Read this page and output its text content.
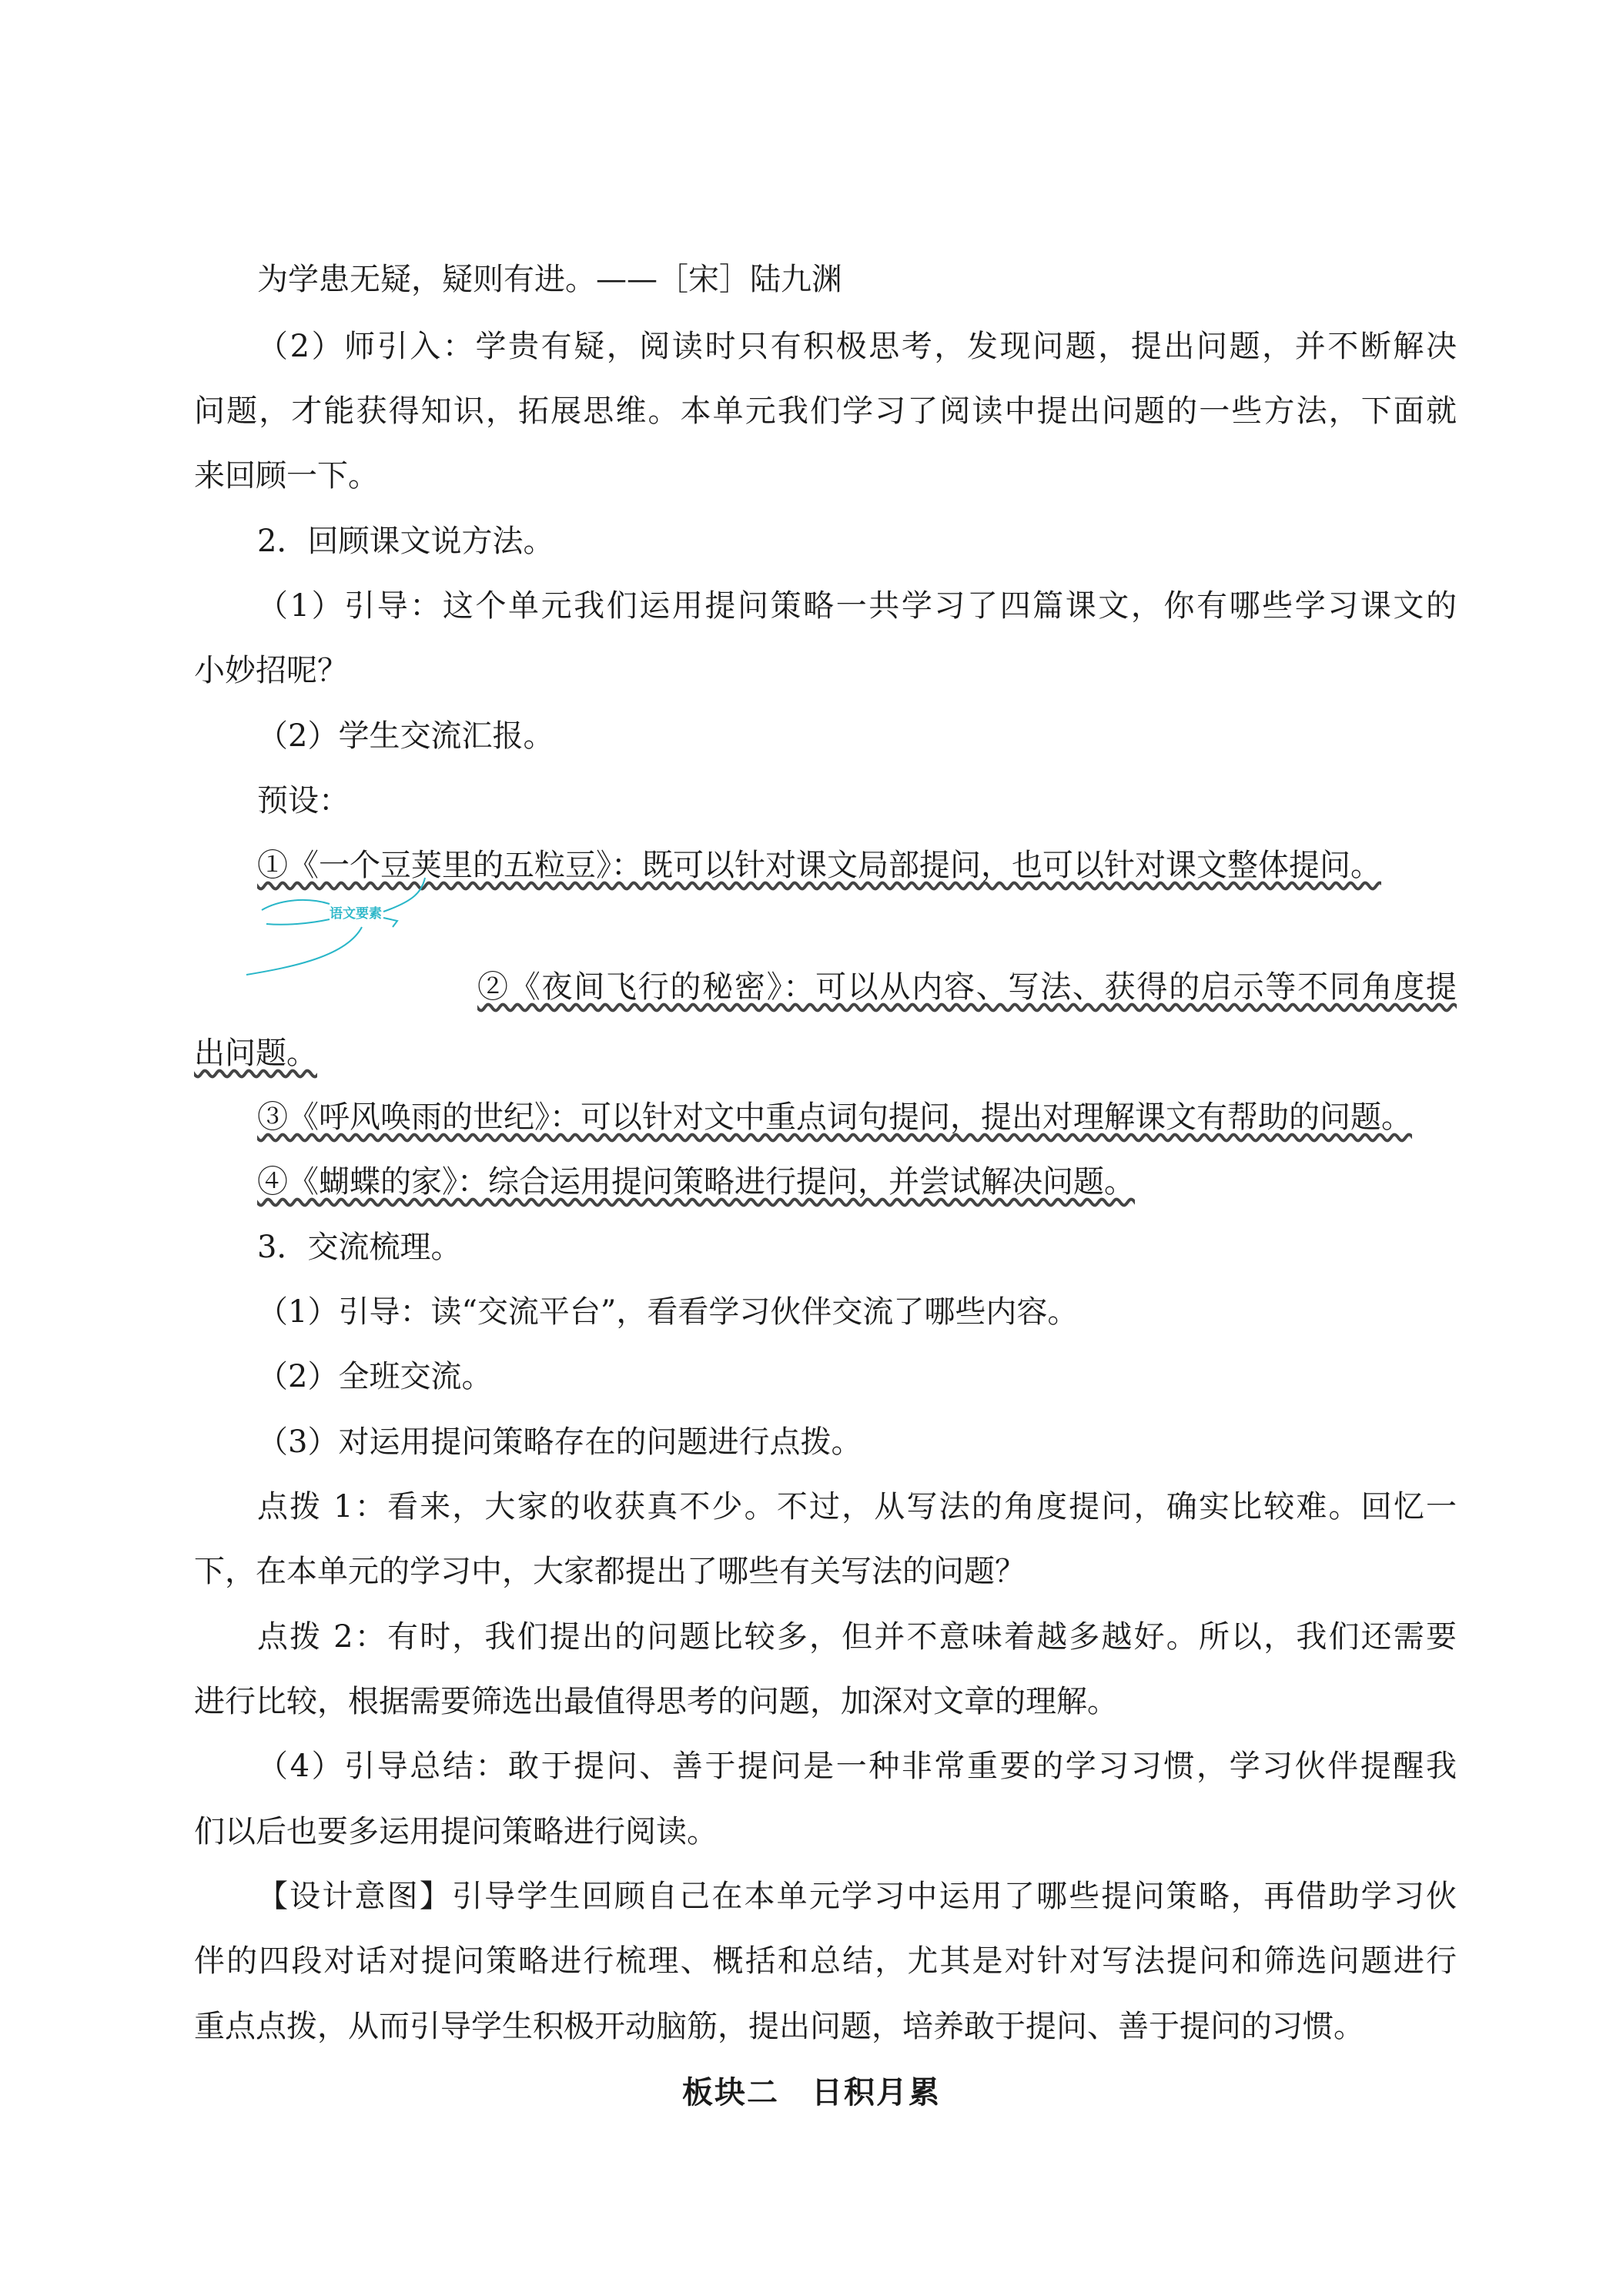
为学患无疑，疑则有进。——［宋］陆九渊
（2）师引入：学贵有疑，阅读时只有积极思考，发现问题，提出问题，并不断解决
问题，才能获得知识，拓展思维。本单元我们学习了阅读中提出问题的一些方法，下面就
来回顾一下。
2．回顾课文说方法。
（1）引导：这个单元我们运用提问策略一共学习了四篇课文，你有哪些学习课文的
小妙招呢？
（2）学生交流汇报。
预设：
①《一个豆荚里的五粒豆》：既可以针对课文局部提问，也可以针对课文整体提问。
语文要素
②《夜间飞行的秘密》：可以从内容、写法、获得的启示等不同角度提
出问题。
③《呼风唤雨的世纪》：可以针对文中重点词句提问，提出对理解课文有帮助的问题。
④《蝴蝶的家》：综合运用提问策略进行提问，并尝试解决问题。
3．交流梳理。
（1）引导：读“交流平台”，看看学习伙伴交流了哪些内容。
（2）全班交流。
（3）对运用提问策略存在的问题进行点拨。
点拨 1：看来，大家的收获真不少。不过，从写法的角度提问，确实比较难。回忆一
下，在本单元的学习中，大家都提出了哪些有关写法的问题？
点拨 2：有时，我们提出的问题比较多，但并不意味着越多越好。所以，我们还需要
进行比较，根据需要筛选出最值得思考的问题，加深对文章的理解。
（4）引导总结：敢于提问、善于提问是一种非常重要的学习习惯，学习伙伴提醒我
们以后也要多运用提问策略进行阅读。
【设计意图】引导学生回顾自己在本单元学习中运用了哪些提问策略，再借助学习伙
伴的四段对话对提问策略进行梳理、概括和总结，尤其是对针对写法提问和筛选问题进行
重点点拨，从而引导学生积极开动脑筋，提出问题，培养敢于提问、善于提问的习惯。
板块二　日积月累
